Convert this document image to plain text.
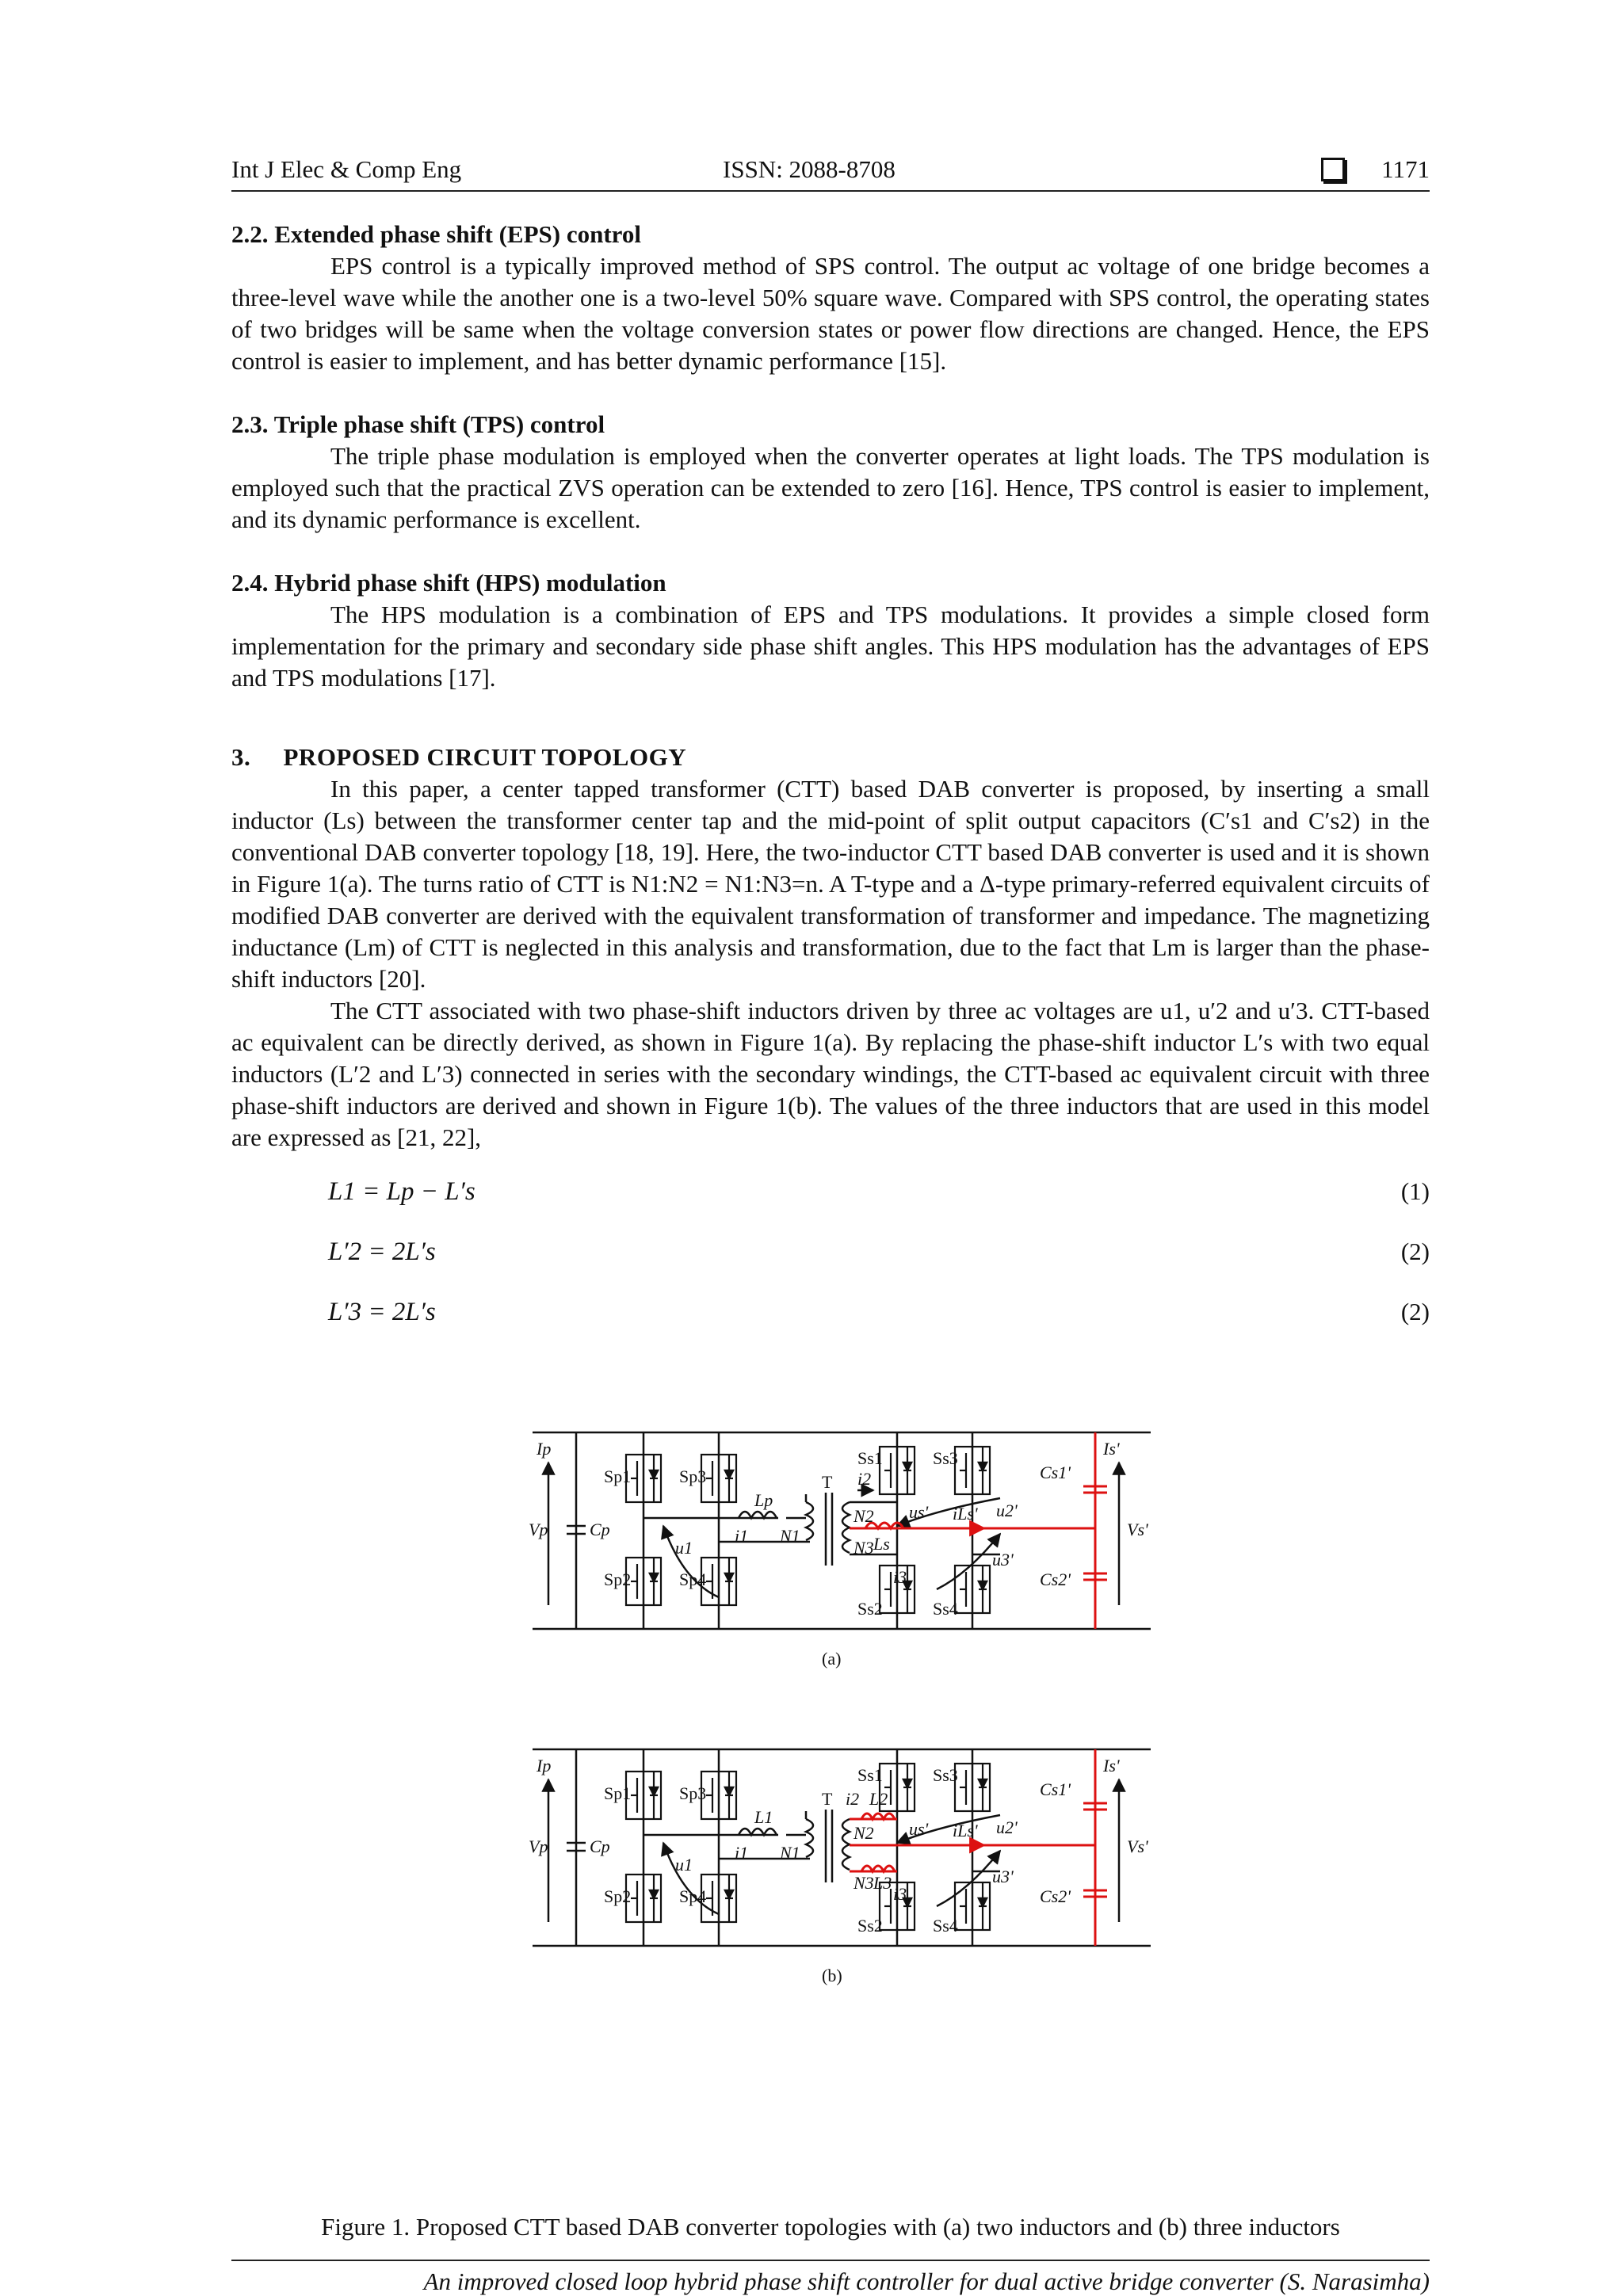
Int J Elec & Comp Eng	ISSN: 2088-8708	1171
2.2. Extended phase shift (EPS) control

EPS control is a typically improved method of SPS control. The output ac voltage of one bridge becomes a three-level wave while the another one is a two-level 50% square wave. Compared with SPS control, the operating states of two bridges will be same when the voltage conversion states or power flow directions are changed. Hence, the EPS control is easier to implement, and has better dynamic performance [15].

2.3. Triple phase shift (TPS) control

The triple phase modulation is employed when the converter operates at light loads. The TPS modulation is employed such that the practical ZVS operation can be extended to zero [16]. Hence, TPS control is easier to implement, and its dynamic performance is excellent.

2.4. Hybrid phase shift (HPS) modulation

The HPS modulation is a combination of EPS and TPS modulations. It provides a simple closed form implementation for the primary and secondary side phase shift angles. This HPS modulation has the advantages of EPS and TPS modulations [17].

3.     PROPOSED CIRCUIT TOPOLOGY

In this paper, a center tapped transformer (CTT) based DAB converter is proposed, by inserting a small inductor (Ls) between the transformer center tap and the mid-point of split output capacitors (C′s1 and C′s2) in the conventional DAB converter topology [18, 19]. Here, the two-inductor CTT based DAB converter is used and it is shown in Figure 1(a). The turns ratio of CTT is N1:N2 = N1:N3=n. A T-type and a Δ-type primary-referred equivalent circuits of modified DAB converter are derived with the equivalent transformation of transformer and impedance. The magnetizing inductance (Lm) of CTT is neglected in this analysis and transformation, due to the fact that Lm is larger than the phase-shift inductors [20].

The CTT associated with two phase-shift inductors driven by three ac voltages are u1, u′2 and u′3. CTT-based ac equivalent can be directly derived, as shown in Figure 1(a). By replacing the phase-shift inductor L′s with two equal inductors (L′2 and L′3) connected in series with the secondary windings, the CTT-based ac equivalent circuit with three phase-shift inductors are derived and shown in Figure 1(b). The values of the three inductors that are used in this model are expressed as [21, 22],

L1 = Lp − L′s	(1)
L′2 = 2L′s	(2)
L′3 = 2L′s	(2)
Ip
Vp Cp
Sp1	Sp3
Sp2	Sp4
u1
Lp
i1
T
N1
N2
N3
i2
Ls
i3
Ss1	Ss3
Ss2	Ss4
us' iLs' u2'
u3'
Cs1'
Cs2'
Is'
Vs'
(a)
Ip
Vp Cp
Sp1	Sp3
Sp2	Sp4
u1
L1
i1
T
N1
N2
N3
i2 L2
L3
i3
Ss1	Ss3
Ss2	Ss4
us' iLs' u2'
u3'
Cs1'
Cs2'
Is'
Vs'
(b)
Figure 1. Proposed CTT based DAB converter topologies with (a) two inductors and (b) three inductors
An improved closed loop hybrid phase shift controller for dual active bridge converter (S. Narasimha)
